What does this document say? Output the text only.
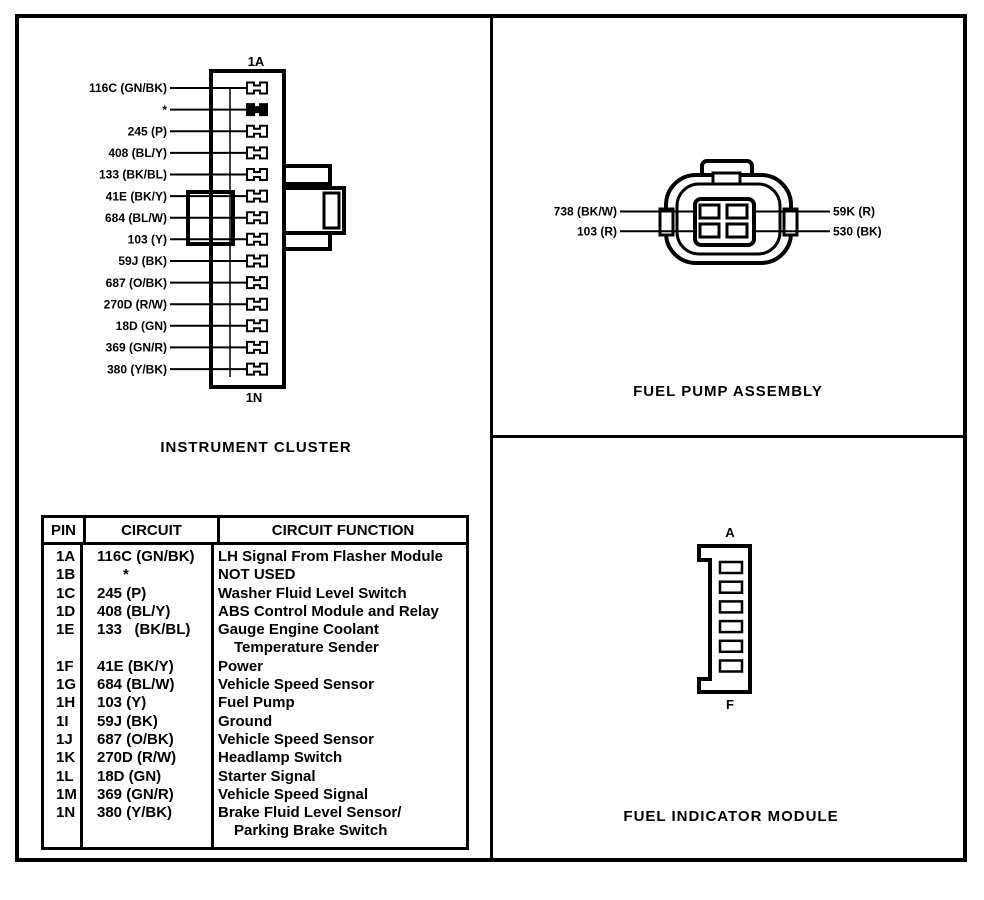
1A
116C (GN/BK)
*
245 (P)
408 (BL/Y)
133 (BK/BL)
41E (BK/Y)
684 (BL/W)
103 (Y)
59J (BK)
687 (O/BK)
270D (R/W)
18D (GN)
369 (GN/R)
380 (Y/BK)
1N
INSTRUMENT CLUSTER
738 (BK/W)
103 (R)
59K (R)
530 (BK)
FUEL PUMP ASSEMBLY
A
F
FUEL INDICATOR MODULE
PIN	CIRCUIT	CIRCUIT FUNCTION
1A	116C (GN/BK)	LH Signal From Flasher Module
1B	*	NOT USED
1C	245 (P)	Washer Fluid Level Switch
1D	408 (BL/Y)	ABS Control Module and Relay
1E	133   (BK/BL)	Gauge Engine Coolant
Temperature Sender
1F	41E (BK/Y)	Power
1G	684 (BL/W)	Vehicle Speed Sensor
1H	103 (Y)	Fuel Pump
1I	59J (BK)	Ground
1J	687 (O/BK)	Vehicle Speed Sensor
1K	270D (R/W)	Headlamp Switch
1L	18D (GN)	Starter Signal
1M	369 (GN/R)	Vehicle Speed Signal
1N	380 (Y/BK)	Brake Fluid Level Sensor/
Parking Brake Switch
